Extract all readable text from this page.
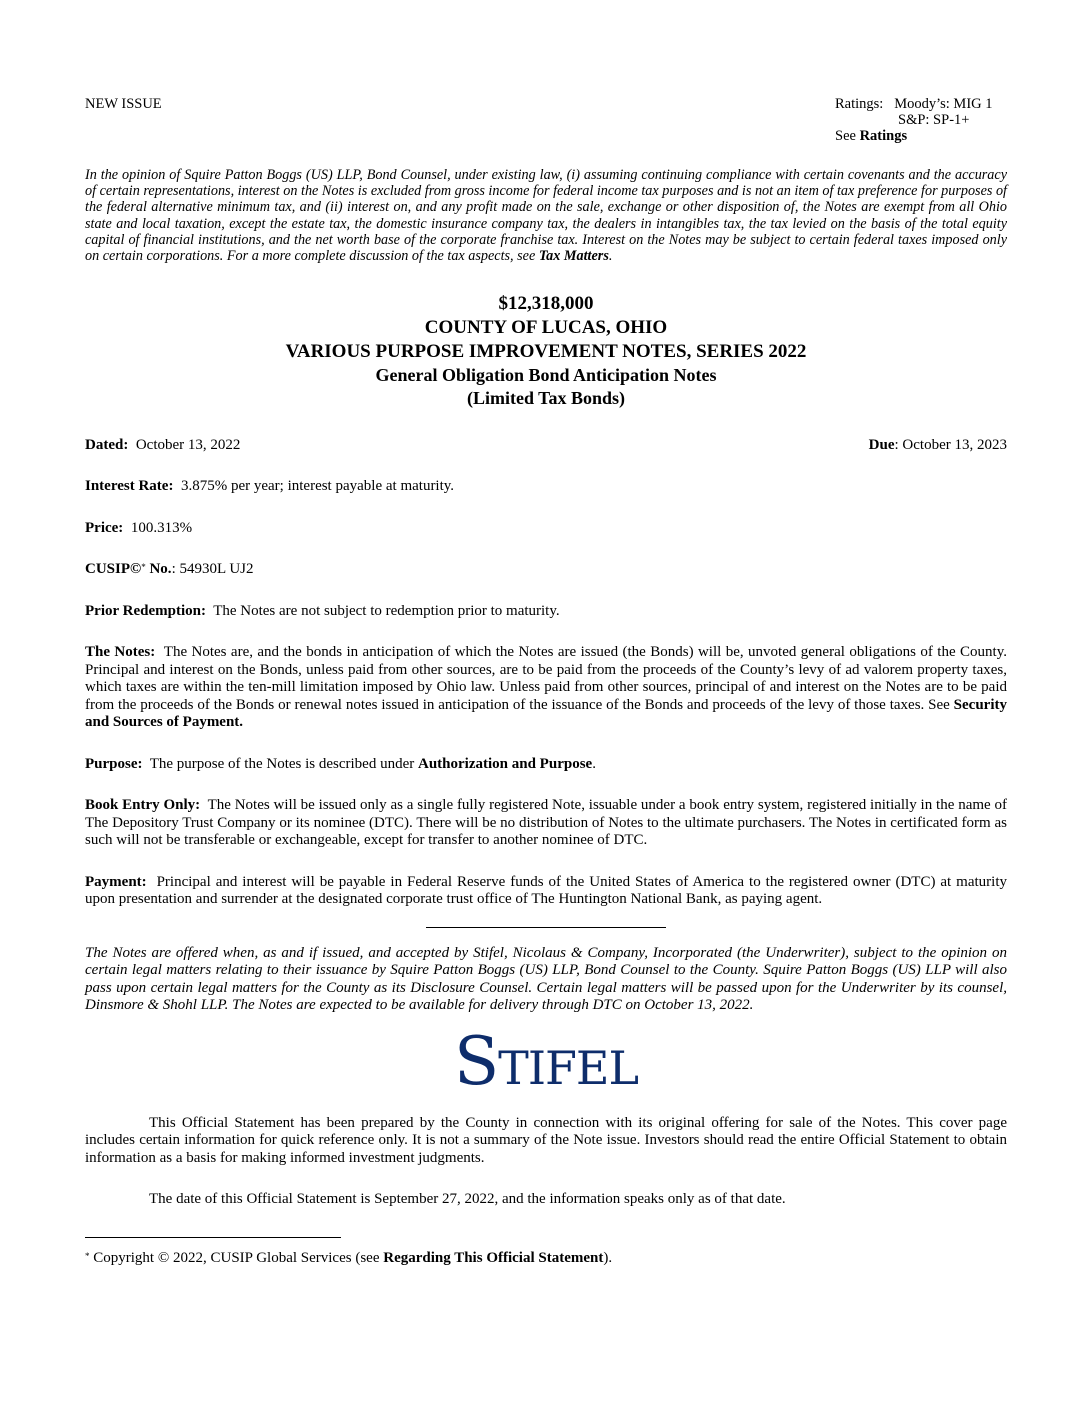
NEW ISSUE	Ratings: Moody’s: MIG 1
S&P: SP-1+
See Ratings
In the opinion of Squire Patton Boggs (US) LLP, Bond Counsel, under existing law, (i) assuming continuing compliance with certain covenants and the accuracy of certain representations, interest on the Notes is excluded from gross income for federal income tax purposes and is not an item of tax preference for purposes of the federal alternative minimum tax, and (ii) interest on, and any profit made on the sale, exchange or other disposition of, the Notes are exempt from all Ohio state and local taxation, except the estate tax, the domestic insurance company tax, the dealers in intangibles tax, the tax levied on the basis of the total equity capital of financial institutions, and the net worth base of the corporate franchise tax. Interest on the Notes may be subject to certain federal taxes imposed only on certain corporations. For a more complete discussion of the tax aspects, see Tax Matters.
$12,318,000
COUNTY OF LUCAS, OHIO
VARIOUS PURPOSE IMPROVEMENT NOTES, SERIES 2022
General Obligation Bond Anticipation Notes
(Limited Tax Bonds)
Dated: October 13, 2022	Due: October 13, 2023
Interest Rate: 3.875% per year; interest payable at maturity.
Price: 100.313%
CUSIP©* No.: 54930L UJ2
Prior Redemption: The Notes are not subject to redemption prior to maturity.
The Notes: The Notes are, and the bonds in anticipation of which the Notes are issued (the Bonds) will be, unvoted general obligations of the County. Principal and interest on the Bonds, unless paid from other sources, are to be paid from the proceeds of the County’s levy of ad valorem property taxes, which taxes are within the ten-mill limitation imposed by Ohio law. Unless paid from other sources, principal of and interest on the Notes are to be paid from the proceeds of the Bonds or renewal notes issued in anticipation of the issuance of the Bonds and proceeds of the levy of those taxes. See Security and Sources of Payment.
Purpose: The purpose of the Notes is described under Authorization and Purpose.
Book Entry Only: The Notes will be issued only as a single fully registered Note, issuable under a book entry system, registered initially in the name of The Depository Trust Company or its nominee (DTC). There will be no distribution of Notes to the ultimate purchasers. The Notes in certificated form as such will not be transferable or exchangeable, except for transfer to another nominee of DTC.
Payment: Principal and interest will be payable in Federal Reserve funds of the United States of America to the registered owner (DTC) at maturity upon presentation and surrender at the designated corporate trust office of The Huntington National Bank, as paying agent.
The Notes are offered when, as and if issued, and accepted by Stifel, Nicolaus & Company, Incorporated (the Underwriter), subject to the opinion on certain legal matters relating to their issuance by Squire Patton Boggs (US) LLP, Bond Counsel to the County. Squire Patton Boggs (US) LLP will also pass upon certain legal matters for the County as its Disclosure Counsel. Certain legal matters will be passed upon for the Underwriter by its counsel, Dinsmore & Shohl LLP. The Notes are expected to be available for delivery through DTC on October 13, 2022.
Stifel
This Official Statement has been prepared by the County in connection with its original offering for sale of the Notes. This cover page includes certain information for quick reference only. It is not a summary of the Note issue. Investors should read the entire Official Statement to obtain information as a basis for making informed investment judgments.
The date of this Official Statement is September 27, 2022, and the information speaks only as of that date.
* Copyright © 2022, CUSIP Global Services (see Regarding This Official Statement).
